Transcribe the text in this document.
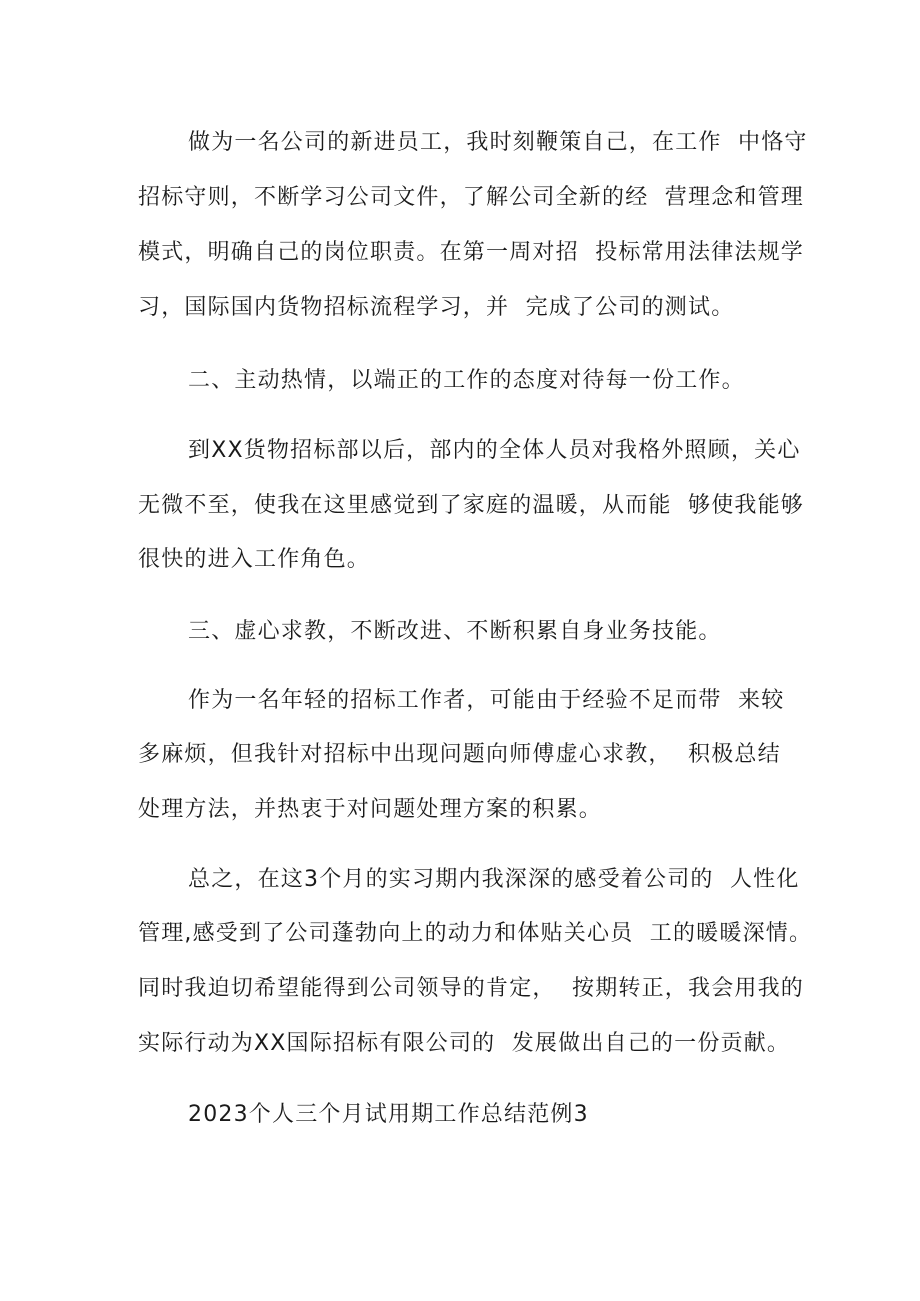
做为一名公司的新进员工，我时刻鞭策自己，在工作  中恪守
招标守则，不断学习公司文件，了解公司全新的经  营理念和管理
模式，明确自己的岗位职责。在第一周对招  投标常用法律法规学
习，国际国内货物招标流程学习，并  完成了公司的测试。
二、主动热情，以端正的工作的态度对待每一份工作。
到XX货物招标部以后，部内的全体人员对我格外照顾，关心
无微不至，使我在这里感觉到了家庭的温暖，从而能  够使我能够
很快的进入工作角色。
三、虚心求教，不断改进、不断积累自身业务技能。
作为一名年轻的招标工作者，可能由于经验不足而带  来较
多麻烦，但我针对招标中出现问题向师傅虚心求教，  积极总结
处理方法，并热衷于对问题处理方案的积累。
总之，在这3个月的实习期内我深深的感受着公司的  人性化
管理,感受到了公司蓬勃向上的动力和体贴关心员  工的暖暖深情。
同时我迫切希望能得到公司领导的肯定，  按期转正，我会用我的
实际行动为XX国际招标有限公司的  发展做出自己的一份贡献。
2023个人三个月试用期工作总结范例3
